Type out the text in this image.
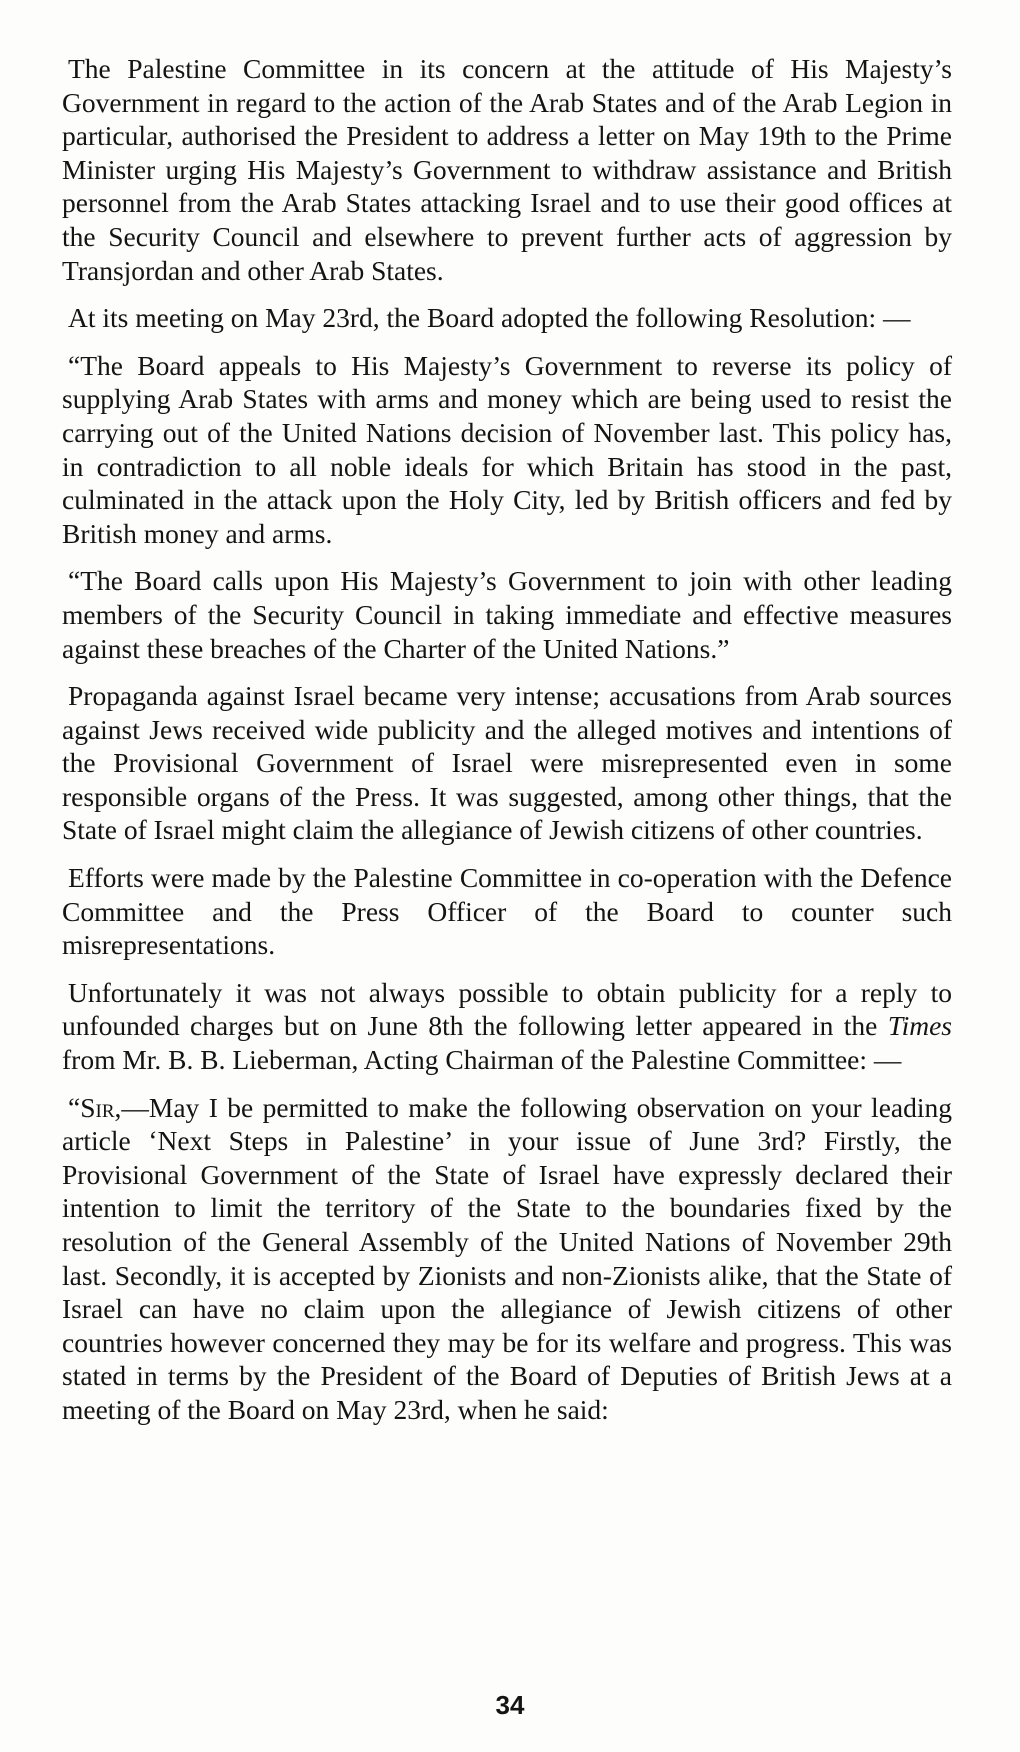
The Palestine Committee in its concern at the attitude of His Majesty’s Government in regard to the action of the Arab States and of the Arab Legion in particular, authorised the President to address a letter on May 19th to the Prime Minister urging His Majesty’s Government to withdraw assistance and British personnel from the Arab States attacking Israel and to use their good offices at the Security Council and elsewhere to prevent further acts of aggression by Transjordan and other Arab States.

At its meeting on May 23rd, the Board adopted the following Resolution: —

“The Board appeals to His Majesty’s Government to reverse its policy of supplying Arab States with arms and money which are being used to resist the carrying out of the United Nations decision of November last. This policy has, in contradiction to all noble ideals for which Britain has stood in the past, culminated in the attack upon the Holy City, led by British officers and fed by British money and arms.

“The Board calls upon His Majesty’s Government to join with other leading members of the Security Council in taking immediate and effective measures against these breaches of the Charter of the United Nations.”

Propaganda against Israel became very intense; accusations from Arab sources against Jews received wide publicity and the alleged motives and intentions of the Provisional Government of Israel were misrepresented even in some responsible organs of the Press. It was suggested, among other things, that the State of Israel might claim the allegiance of Jewish citizens of other countries.

Efforts were made by the Palestine Committee in co-operation with the Defence Committee and the Press Officer of the Board to counter such misrepresentations.

Unfortunately it was not always possible to obtain publicity for a reply to unfounded charges but on June 8th the following letter appeared in the Times from Mr. B. B. Lieberman, Acting Chairman of the Palestine Committee: —

“Sir,—May I be permitted to make the following observation on your leading article ‘Next Steps in Palestine’ in your issue of June 3rd? Firstly, the Provisional Government of the State of Israel have expressly declared their intention to limit the territory of the State to the boundaries fixed by the resolution of the General Assembly of the United Nations of November 29th last. Secondly, it is accepted by Zionists and non-Zionists alike, that the State of Israel can have no claim upon the allegiance of Jewish citizens of other countries however concerned they may be for its welfare and progress. This was stated in terms by the President of the Board of Deputies of British Jews at a meeting of the Board on May 23rd, when he said:

34
